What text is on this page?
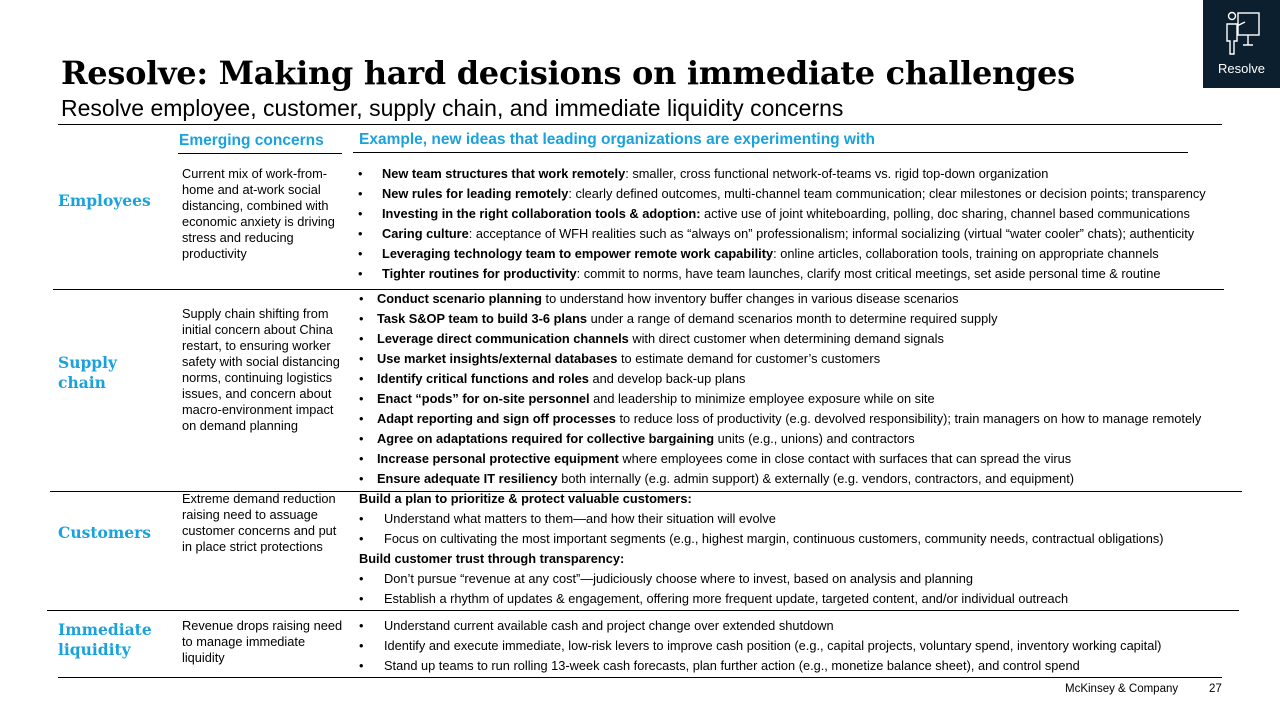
Resolve
Resolve: Making hard decisions on immediate challenges
Resolve employee, customer, supply chain, and immediate liquidity concerns
Emerging concerns Example, new ideas that leading organizations are experimenting with
Employees
Current mix of work-from-home and at-work social distancing, combined with economic anxiety is driving stress and reducing productivity
• New team structures that work remotely: smaller, cross functional network-of-teams vs. rigid top-down organization
• New rules for leading remotely: clearly defined outcomes, multi-channel team communication; clear milestones or decision points; transparency
• Investing in the right collaboration tools & adoption: active use of joint whiteboarding, polling, doc sharing, channel based communications
• Caring culture: acceptance of WFH realities such as “always on” professionalism; informal socializing (virtual “water cooler” chats); authenticity
• Leveraging technology team to empower remote work capability: online articles, collaboration tools, training on appropriate channels
• Tighter routines for productivity: commit to norms, have team launches, clarify most critical meetings, set aside personal time & routine
Supply
chain
Supply chain shifting from initial concern about China restart, to ensuring worker safety with social distancing norms, continuing logistics issues, and concern about macro-environment impact on demand planning
• Conduct scenario planning to understand how inventory buffer changes in various disease scenarios
• Task S&OP team to build 3-6 plans under a range of demand scenarios month to determine required supply
• Leverage direct communication channels with direct customer when determining demand signals
• Use market insights/external databases to estimate demand for customer’s customers
• Identify critical functions and roles and develop back-up plans
• Enact “pods” for on-site personnel and leadership to minimize employee exposure while on site
• Adapt reporting and sign off processes to reduce loss of productivity (e.g. devolved responsibility); train managers on how to manage remotely
• Agree on adaptations required for collective bargaining units (e.g., unions) and contractors
• Increase personal protective equipment where employees come in close contact with surfaces that can spread the virus
• Ensure adequate IT resiliency both internally (e.g. admin support) & externally (e.g. vendors, contractors, and equipment)
Customers
Extreme demand reduction raising need to assuage customer concerns and put in place strict protections
Build a plan to prioritize & protect valuable customers:
• Understand what matters to them—and how their situation will evolve
• Focus on cultivating the most important segments (e.g., highest margin, continuous customers, community needs, contractual obligations)
Build customer trust through transparency:
• Don’t pursue “revenue at any cost”—judiciously choose where to invest, based on analysis and planning
• Establish a rhythm of updates & engagement, offering more frequent update, targeted content, and/or individual outreach
Immediate
liquidity
Revenue drops raising need to manage immediate liquidity
• Understand current available cash and project change over extended shutdown
• Identify and execute immediate, low-risk levers to improve cash position (e.g., capital projects, voluntary spend, inventory working capital)
• Stand up teams to run rolling 13-week cash forecasts, plan further action (e.g., monetize balance sheet), and control spend
McKinsey & Company	27
